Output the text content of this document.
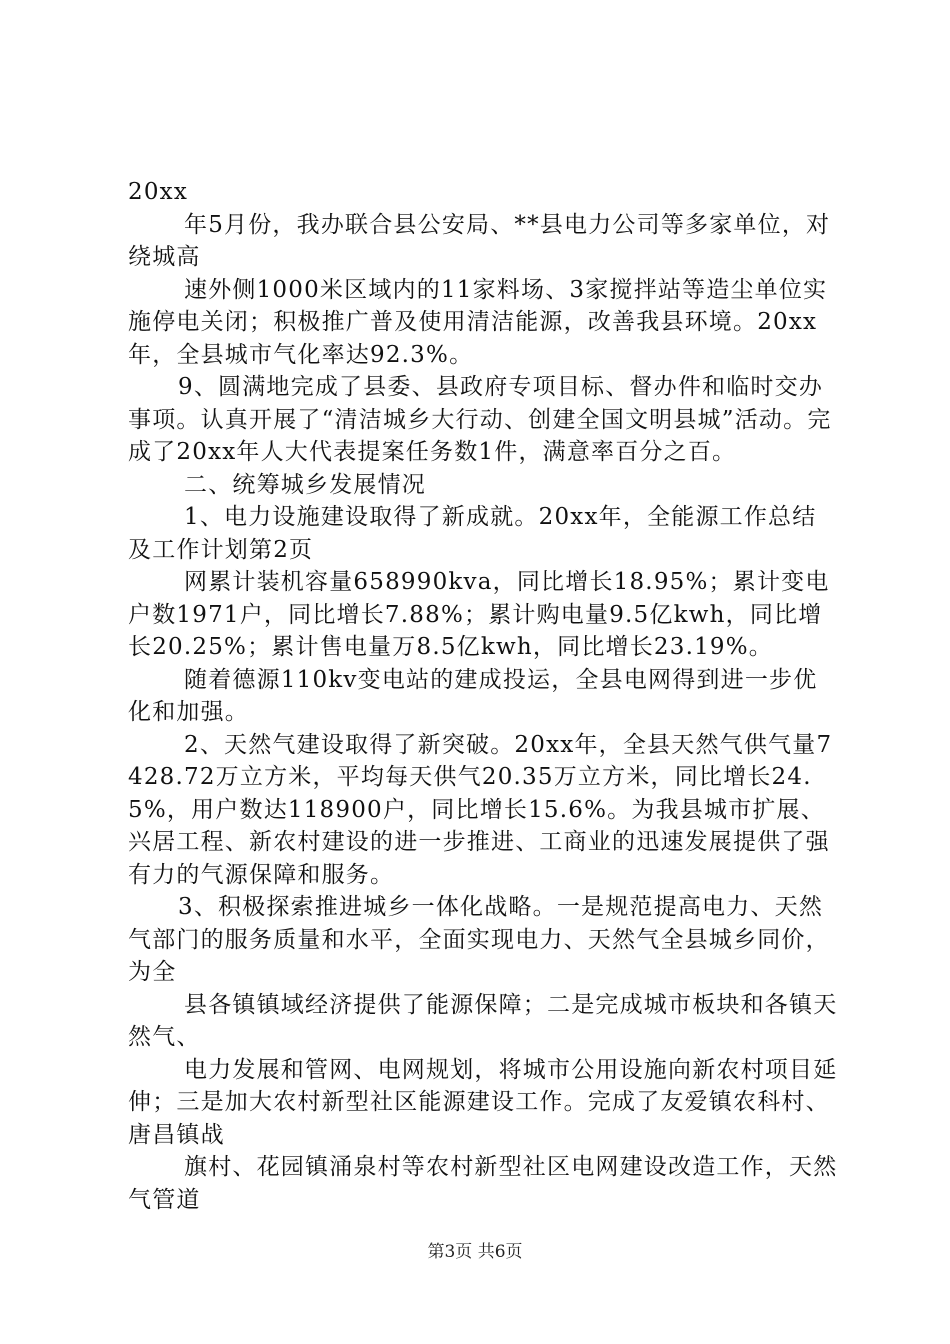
20xx

年5月份，我办联合县公安局、**县电力公司等多家单位，对绕城高

速外侧1000米区域内的11家料场、3家搅拌站等造尘单位实施停电关闭；积极推广普及使用清洁能源，改善我县环境。20xx年，全县城市气化率达92.3%。

9、圆满地完成了县委、县政府专项目标、督办件和临时交办事项。认真开展了“清洁城乡大行动、创建全国文明县城”活动。完成了20xx年人大代表提案任务数1件，满意率百分之百。

二、统筹城乡发展情况

1、电力设施建设取得了新成就。20xx年，全能源工作总结及工作计划第2页

网累计装机容量658990kva，同比增长18.95%；累计变电户数1971户，同比增长7.88%；累计购电量9.5亿kwh，同比增长20.25%；累计售电量万8.5亿kwh，同比增长23.19%。

随着德源110kv变电站的建成投运，全县电网得到进一步优化和加强。

2、天然气建设取得了新突破。20xx年，全县天然气供气量7428.72万立方米，平均每天供气20.35万立方米，同比增长24.5%，用户数达118900户，同比增长15.6%。为我县城市扩展、兴居工程、新农村建设的进一步推进、工商业的迅速发展提供了强有力的气源保障和服务。

3、积极探索推进城乡一体化战略。一是规范提高电力、天然气部门的服务质量和水平，全面实现电力、天然气全县城乡同价，为全

县各镇镇域经济提供了能源保障；二是完成城市板块和各镇天然气、

电力发展和管网、电网规划，将城市公用设施向新农村项目延伸；三是加大农村新型社区能源建设工作。完成了友爱镇农科村、唐昌镇战

旗村、花园镇涌泉村等农村新型社区电网建设改造工作，天然气管道

第3页 共6页
